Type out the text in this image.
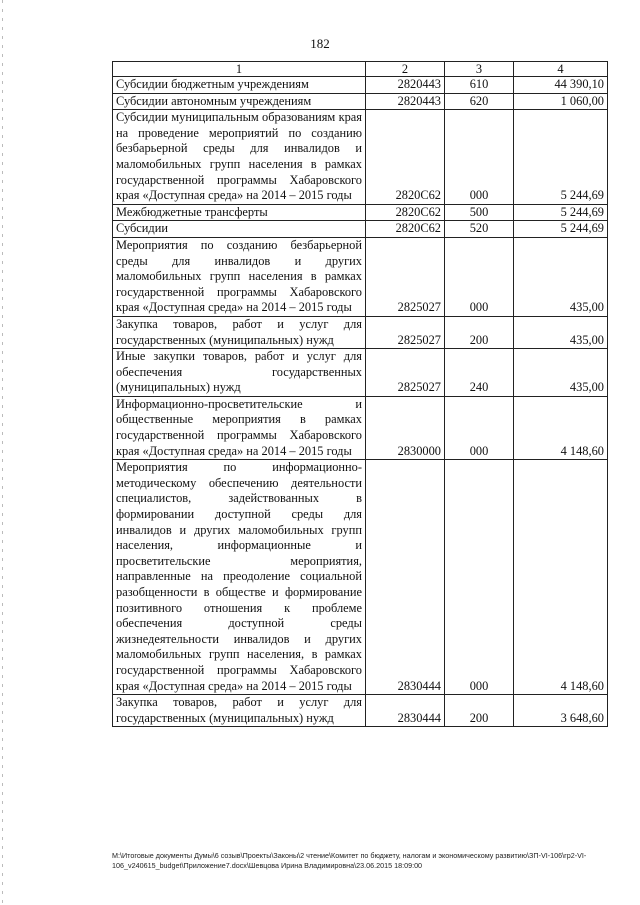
182
1	2	3	4
Субсидии бюджетным учреждениям	2820443	610	44 390,10
Субсидии автономным учреждениям	2820443	620	1 060,00
Субсидии муниципальным образованиям края на проведение мероприятий по созданию безбарьерной среды для инвалидов и маломобильных групп населения в рамках государственной программы Хабаровского края «Доступная среда» на 2014 – 2015 годы	2820С62	000	5 244,69
Межбюджетные трансферты	2820С62	500	5 244,69
Субсидии	2820С62	520	5 244,69
Мероприятия по созданию безбарьерной среды для инвалидов и других маломобильных групп населения в рамках государственной программы Хабаровского края «Доступная среда» на 2014 – 2015 годы	2825027	000	435,00
Закупка товаров, работ и услуг для государственных (муниципальных) нужд	2825027	200	435,00
Иные закупки товаров, работ и услуг для обеспечения государственных (муниципальных) нужд	2825027	240	435,00
Информационно-просветительские и общественные мероприятия в рамках государственной программы Хабаровского края «Доступная среда» на 2014 – 2015 годы	2830000	000	4 148,60
Мероприятия по информационно-методическому обеспечению деятельности специалистов, задействованных в формировании доступной среды для инвалидов и других маломобильных групп населения, информационные и просветительские мероприятия, направленные на преодоление социальной разобщенности в обществе и формирование позитивного отношения к проблеме обеспечения доступной среды жизнедеятельности инвалидов и других маломобильных групп населения, в рамках государственной программы Хабаровского края «Доступная среда» на 2014 – 2015 годы	2830444	000	4 148,60
Закупка товаров, работ и услуг для государственных (муниципальных) нужд	2830444	200	3 648,60
М:\Итоговые документы Думы\6 созыв\Проекты\Законы\2 чтение\Комитет по бюджету, налогам и экономическому развитию\ЗП-VI-106\гр2-VI-
106_v240615_budget\Приложение7.docx\Шевцова Ирина Владимировна\23.06.2015 18:09:00
